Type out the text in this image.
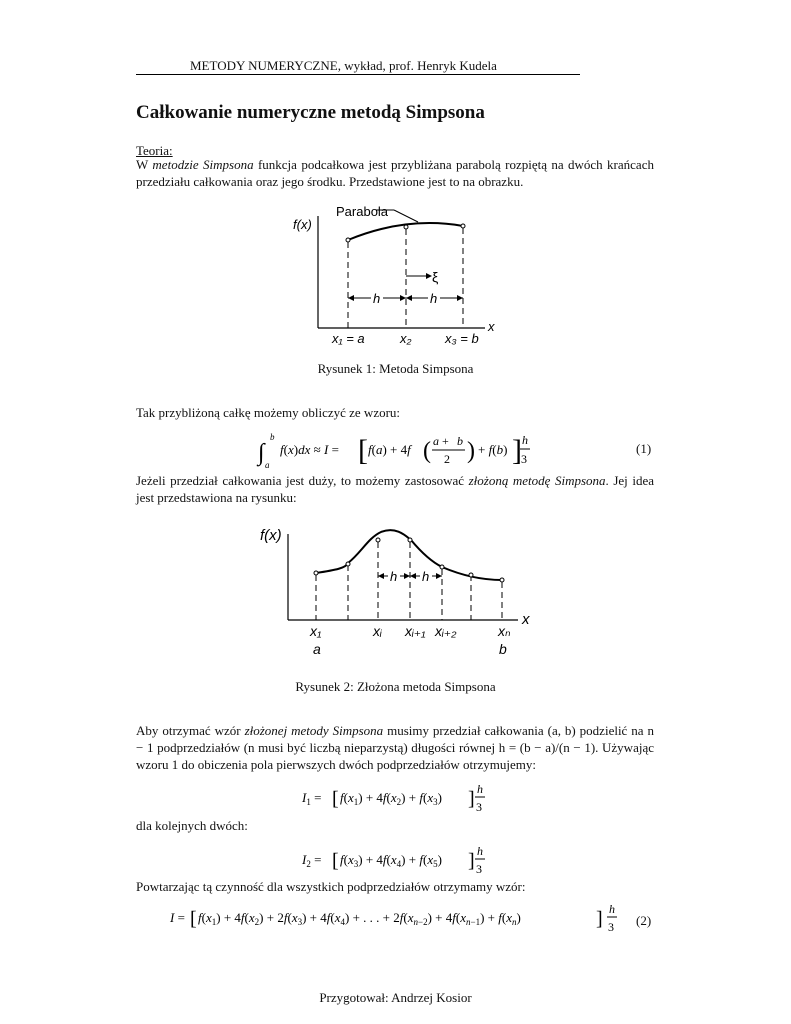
METODY NUMERYCZNE, wykład, prof. Henryk Kudela
Całkowanie numeryczne metodą Simpsona
Teoria:
W metodzie Simpsona funkcja podcałkowa jest przybliżana parabolą rozpiętą na dwóch krańcach przedziału całkowania oraz jego środku. Przedstawione jest to na obrazku.
f(x)
Parabola
ξ
h	h
x
x₁ = a	x₂	x₃ = b
Rysunek 1: Metoda Simpsona
Tak przybliżoną całkę możemy obliczyć ze wzoru:
∫
b
a
f(x)dx ≈ I = [ f(a) + 4f ( a + b
2 ) + f(b) ] h
3
(1)
Jeżeli przedział całkowania jest duży, to możemy zastosować złożoną metodę Simpsona. Jej idea jest przedstawiona na rysunku:
h h
f(x)
x
x₁	xᵢ xᵢ₊₁ xᵢ₊₂	xₙ
a	b
Rysunek 2: Złożona metoda Simpsona
Aby otrzymać wzór złożonej metody Simpsona musimy przedział całkowania (a, b) podzielić na n − 1 podprzedziałów (n musi być liczbą nieparzystą) długości równej h = (b − a)/(n − 1). Używając wzoru 1 do obiczenia pola pierwszych dwóch podprzedziałów otrzymujemy:
$I_1$ = [ $f(x_1) + 4f(x_2) + f(x_3)$ ] h
3
dla kolejnych dwóch:
$I_2$ = [ $f(x_3) + 4f(x_4) + f(x_5)$ ] h
3
Powtarzając tą czynność dla wszystkich podprzedziałów otrzymamy wzór:
I = [ $f(x_1) + 4f(x_2) + 2f(x_3) + 4f(x_4)$ + . . . + $2f(x_n-2) + 4f(x_n-1) + f(x_n)$	] h
3 (2)
Przygotował: Andrzej Kosior
